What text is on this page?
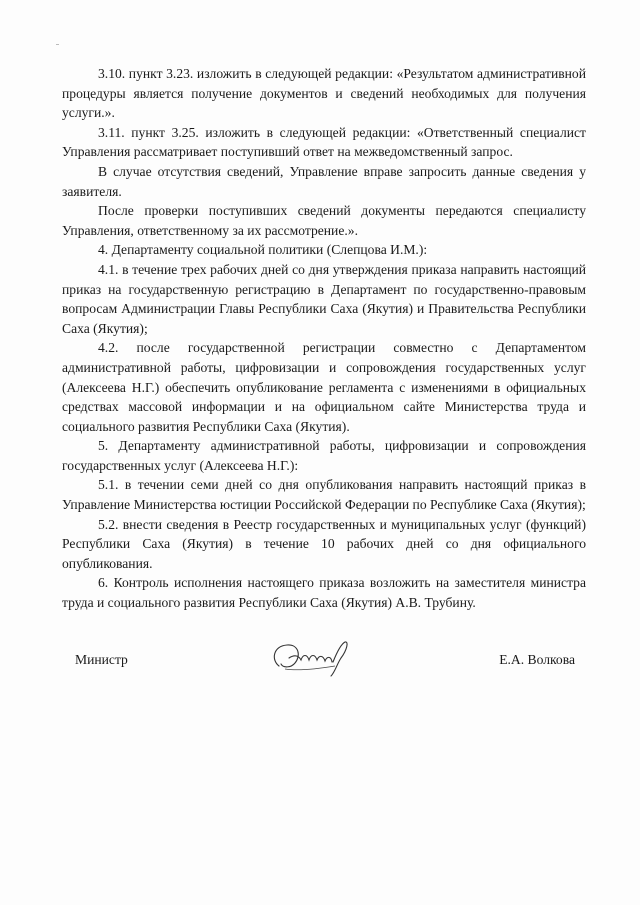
3.10. пункт 3.23. изложить в следующей редакции: «Результатом административной процедуры является получение документов и сведений необходимых для получения услуги.».

3.11. пункт 3.25. изложить в следующей редакции: «Ответственный специалист Управления рассматривает поступивший ответ на межведомственный запрос.

В случае отсутствия сведений, Управление вправе запросить данные сведения у заявителя.

После проверки поступивших сведений документы передаются специалисту Управления, ответственному за их рассмотрение.».

4. Департаменту социальной политики (Слепцова И.М.):

4.1. в течение трех рабочих дней со дня утверждения приказа направить настоящий приказ на государственную регистрацию в Департамент по государственно-правовым вопросам Администрации Главы Республики Саха (Якутия) и Правительства Республики Саха (Якутия);

4.2. после государственной регистрации совместно с Департаментом административной работы, цифровизации и сопровождения государственных услуг (Алексеева Н.Г.) обеспечить опубликование регламента с изменениями в официальных средствах массовой информации и на официальном сайте Министерства труда и социального развития Республики Саха (Якутия).

5. Департаменту административной работы, цифровизации и сопровождения государственных услуг (Алексеева Н.Г.):

5.1. в течении семи дней со дня опубликования направить настоящий приказ в Управление Министерства юстиции Российской Федерации по Республике Саха (Якутия);

5.2. внести сведения в Реестр государственных и муниципальных услуг (функций) Республики Саха (Якутия) в течение 10 рабочих дней со дня официального опубликования.

6. Контроль исполнения настоящего приказа возложить на заместителя министра труда и социального развития Республики Саха (Якутия) А.В. Трубину.

Министр	Е.А. Волкова
